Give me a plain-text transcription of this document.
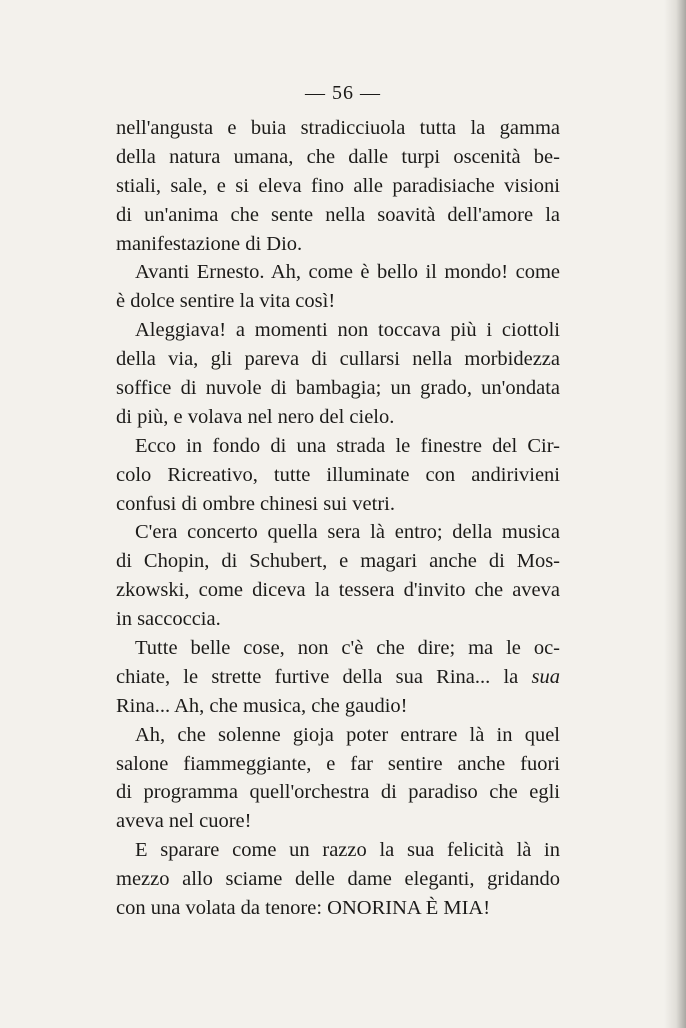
— 56 —
nell'angusta e buia stradicciuola tutta la gamma
della natura umana, che dalle turpi oscenità be-
stiali, sale, e si eleva fino alle paradisiache visioni
di un'anima che sente nella soavità dell'amore la
manifestazione di Dio.
Avanti Ernesto. Ah, come è bello il mondo! come
è dolce sentire la vita così!
Aleggiava! a momenti non toccava più i ciottoli
della via, gli pareva di cullarsi nella morbidezza
soffice di nuvole di bambagia; un grado, un'ondata
di più, e volava nel nero del cielo.
Ecco in fondo di una strada le finestre del Cir-
colo Ricreativo, tutte illuminate con andirivieni
confusi di ombre chinesi sui vetri.
C'era concerto quella sera là entro; della musica
di Chopin, di Schubert, e magari anche di Mos-
zkowski, come diceva la tessera d'invito che aveva
in saccoccia.
Tutte belle cose, non c'è che dire; ma le oc-
chiate, le strette furtive della sua Rina... la sua
Rina... Ah, che musica, che gaudio!
Ah, che solenne gioja poter entrare là in quel
salone fiammeggiante, e far sentire anche fuori
di programma quell'orchestra di paradiso che egli
aveva nel cuore!
E sparare come un razzo la sua felicità là in
mezzo allo sciame delle dame eleganti, gridando
con una volata da tenore: ONORINA È MIA!
